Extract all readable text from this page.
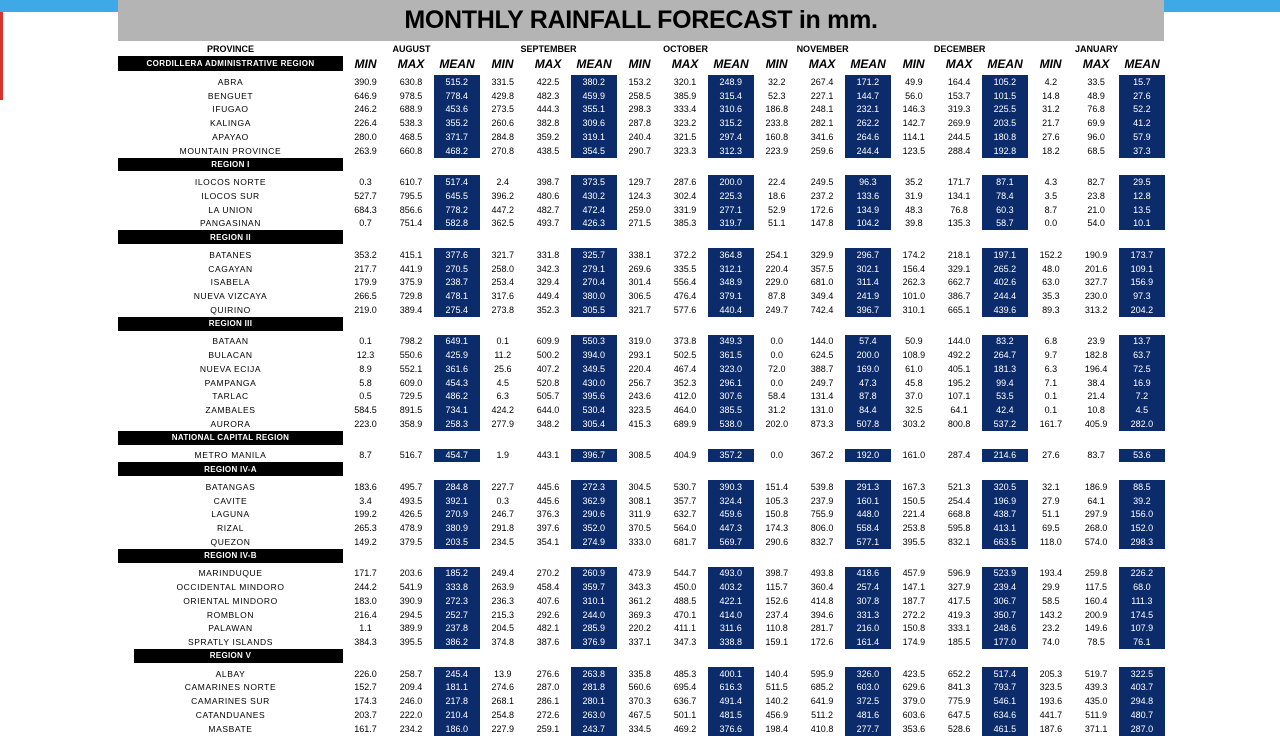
MONTHLY RAINFALL FORECAST in mm.
PROVINCE	AUGUST			SEPTEMBER			OCTOBER			NOVEMBER			DECEMBER			JANUARY		
CORDILLERA ADMINISTRATIVE REGION	MIN	MAX	MEAN	MIN	MAX	MEAN	MIN	MAX	MEAN	MIN	MAX	MEAN	MIN	MAX	MEAN	MIN	MAX	MEAN

ABRA	390.9	630.8	515.2	331.5	422.5	380.2	153.2	320.1	248.9	32.2	267.4	171.2	49.9	164.4	105.2	4.2	33.5	15.7
BENGUET	646.9	978.5	778.4	429.8	482.3	459.9	258.5	385.9	315.4	52.3	227.1	144.7	56.0	153.7	101.5	14.8	48.9	27.6
IFUGAO	246.2	688.9	453.6	273.5	444.3	355.1	298.3	333.4	310.6	186.8	248.1	232.1	146.3	319.3	225.5	31.2	76.8	52.2
KALINGA	226.4	538.3	355.2	260.6	382.8	309.6	287.8	323.2	315.2	233.8	282.1	262.2	142.7	269.9	203.5	21.7	69.9	41.2
APAYAO	280.0	468.5	371.7	284.8	359.2	319.1	240.4	321.5	297.4	160.8	341.6	264.6	114.1	244.5	180.8	27.6	96.0	57.9
MOUNTAIN PROVINCE	263.9	660.8	468.2	270.8	438.5	354.5	290.7	323.3	312.3	223.9	259.6	244.4	123.5	288.4	192.8	18.2	68.5	37.3
REGION I																		

ILOCOS NORTE	0.3	610.7	517.4	2.4	398.7	373.5	129.7	287.6	200.0	22.4	249.5	96.3	35.2	171.7	87.1	4.3	82.7	29.5
ILOCOS SUR	527.7	795.5	645.5	396.2	480.6	430.2	124.3	302.4	225.3	18.6	237.2	133.6	31.9	134.1	78.4	3.5	23.8	12.8
LA UNION	684.3	856.6	778.2	447.2	482.7	472.4	259.0	331.9	277.1	52.9	172.6	134.9	48.3	76.8	60.3	8.7	21.0	13.5
PANGASINAN	0.7	751.4	582.8	362.5	493.7	426.3	271.5	385.3	319.7	51.1	147.8	104.2	39.8	135.3	58.7	0.0	54.0	10.1
REGION II																		

BATANES	353.2	415.1	377.6	321.7	331.8	325.7	338.1	372.2	364.8	254.1	329.9	296.7	174.2	218.1	197.1	152.2	190.9	173.7
CAGAYAN	217.7	441.9	270.5	258.0	342.3	279.1	269.6	335.5	312.1	220.4	357.5	302.1	156.4	329.1	265.2	48.0	201.6	109.1
ISABELA	179.9	375.9	238.7	253.4	329.4	270.4	301.4	556.4	348.9	229.0	681.0	311.4	262.3	662.7	402.6	63.0	327.7	156.9
NUEVA VIZCAYA	266.5	729.8	478.1	317.6	449.4	380.0	306.5	476.4	379.1	87.8	349.4	241.9	101.0	386.7	244.4	35.3	230.0	97.3
QUIRINO	219.0	389.4	275.4	273.8	352.3	305.5	321.7	577.6	440.4	249.7	742.4	396.7	310.1	665.1	439.6	89.3	313.2	204.2
REGION III																		

BATAAN	0.1	798.2	649.1	0.1	609.9	550.3	319.0	373.8	349.3	0.0	144.0	57.4	50.9	144.0	83.2	6.8	23.9	13.7
BULACAN	12.3	550.6	425.9	11.2	500.2	394.0	293.1	502.5	361.5	0.0	624.5	200.0	108.9	492.2	264.7	9.7	182.8	63.7
NUEVA ECIJA	8.9	552.1	361.6	25.6	407.2	349.5	220.4	467.4	323.0	72.0	388.7	169.0	61.0	405.1	181.3	6.3	196.4	72.5
PAMPANGA	5.8	609.0	454.3	4.5	520.8	430.0	256.7	352.3	296.1	0.0	249.7	47.3	45.8	195.2	99.4	7.1	38.4	16.9
TARLAC	0.5	729.5	486.2	6.3	505.7	395.6	243.6	412.0	307.6	58.4	131.4	87.8	37.0	107.1	53.5	0.1	21.4	7.2
ZAMBALES	584.5	891.5	734.1	424.2	644.0	530.4	323.5	464.0	385.5	31.2	131.0	84.4	32.5	64.1	42.4	0.1	10.8	4.5
AURORA	223.0	358.9	258.3	277.9	348.2	305.4	415.3	689.9	538.0	202.0	873.3	507.8	303.2	800.8	537.2	161.7	405.9	282.0
NATIONAL CAPITAL REGION																		

METRO MANILA	8.7	516.7	454.7	1.9	443.1	396.7	308.5	404.9	357.2	0.0	367.2	192.0	161.0	287.4	214.6	27.6	83.7	53.6
REGION IV-A																		

BATANGAS	183.6	495.7	284.8	227.7	445.6	272.3	304.5	530.7	390.3	151.4	539.8	291.3	167.3	521.3	320.5	32.1	186.9	88.5
CAVITE	3.4	493.5	392.1	0.3	445.6	362.9	308.1	357.7	324.4	105.3	237.9	160.1	150.5	254.4	196.9	27.9	64.1	39.2
LAGUNA	199.2	426.5	270.9	246.7	376.3	290.6	311.9	632.7	459.6	150.8	755.9	448.0	221.4	668.8	438.7	51.1	297.9	156.0
RIZAL	265.3	478.9	380.9	291.8	397.6	352.0	370.5	564.0	447.3	174.3	806.0	558.4	253.8	595.8	413.1	69.5	268.0	152.0
QUEZON	149.2	379.5	203.5	234.5	354.1	274.9	333.0	681.7	569.7	290.6	832.7	577.1	395.5	832.1	663.5	118.0	574.0	298.3
REGION IV-B																		

MARINDUQUE	171.7	203.6	185.2	249.4	270.2	260.9	473.9	544.7	493.0	398.7	493.8	418.6	457.9	596.9	523.9	193.4	259.8	226.2
OCCIDENTAL MINDORO	244.2	541.9	333.8	263.9	458.4	359.7	343.3	450.0	403.2	115.7	360.4	257.4	147.1	327.9	239.4	29.9	117.5	68.0
ORIENTAL MINDORO	183.0	390.9	272.3	236.3	407.6	310.1	361.2	488.5	422.1	152.6	414.8	307.8	187.7	417.5	306.7	58.5	160.4	111.3
ROMBLON	216.4	294.5	252.7	215.3	292.6	244.0	369.3	470.1	414.0	237.4	394.6	331.3	272.2	419.3	350.7	143.2	200.9	174.5
PALAWAN	1.1	389.9	237.8	204.5	482.1	285.9	220.2	411.1	311.6	110.8	281.7	216.0	150.8	333.1	248.6	23.2	149.6	107.9
SPRATLY ISLANDS	384.3	395.5	386.2	374.8	387.6	376.9	337.1	347.3	338.8	159.1	172.6	161.4	174.9	185.5	177.0	74.0	78.5	76.1
REGION V																		

ALBAY	226.0	258.7	245.4	13.9	276.6	263.8	335.8	485.3	400.1	140.4	595.9	326.0	423.5	652.2	517.4	205.3	519.7	322.5
CAMARINES NORTE	152.7	209.4	181.1	274.6	287.0	281.8	560.6	695.4	616.3	511.5	685.2	603.0	629.6	841.3	793.7	323.5	439.3	403.7
CAMARINES SUR	174.3	246.0	217.8	268.1	286.1	280.1	370.3	636.7	491.4	140.2	641.9	372.5	379.0	775.9	546.1	193.6	435.0	294.8
CATANDUANES	203.7	222.0	210.4	254.8	272.6	263.0	467.5	501.1	481.5	456.9	511.2	481.6	603.6	647.5	634.6	441.7	511.9	480.7
MASBATE	161.7	234.2	186.0	227.9	259.1	243.7	334.5	469.2	376.6	198.4	410.8	277.7	353.6	528.6	461.5	187.6	371.1	287.0
